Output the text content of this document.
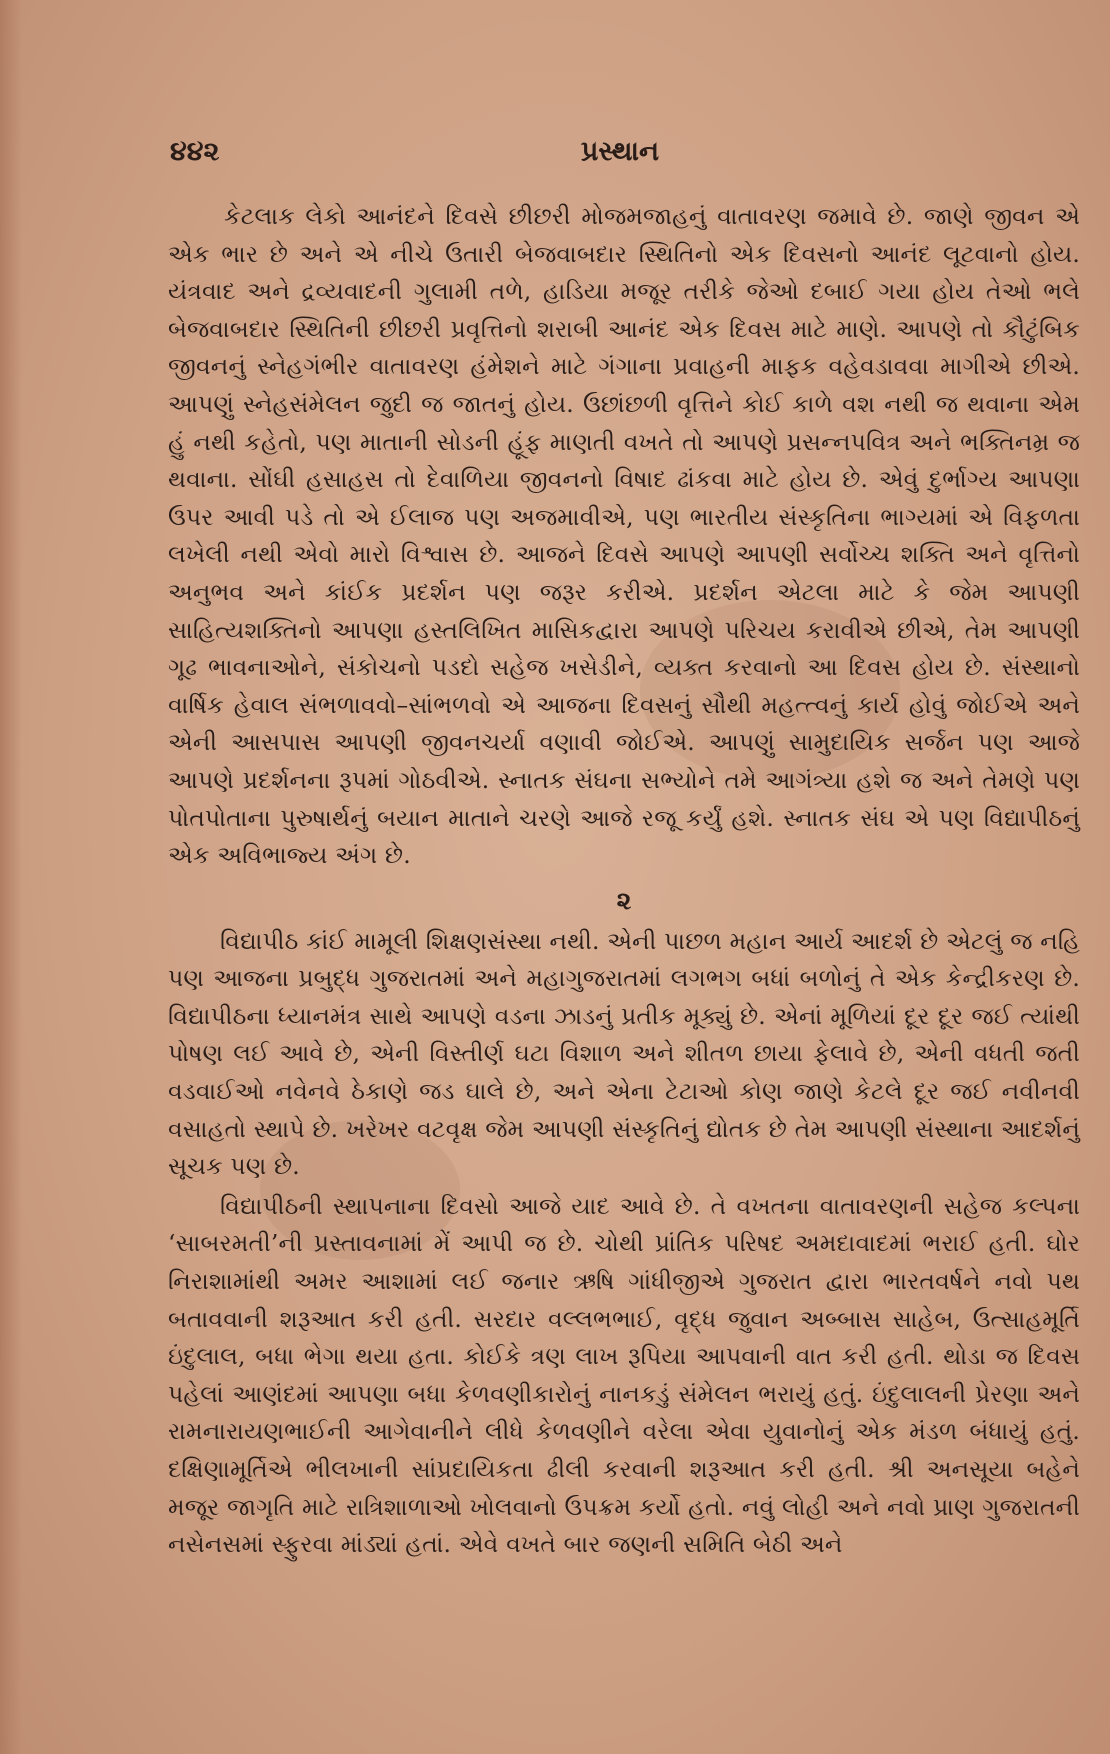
૪૪૨	પ્રસ્થાન

કેટલાક લેકો આનંદને દિવસે છીછરી મોજમજાહનું વાતાવરણ જમાવે છે. જાણે જીવન એ એક ભાર છે અને એ નીચે ઉતારી બેજવાબદાર સ્થિતિનો એક દિવસનો આનંદ લૂટવાનો હોય. યંત્રવાદ અને દ્રવ્યવાદની ગુલામી તળે, હાડિયા મજૂર તરીકે જેઓ દબાઈ ગયા હોય તેઓ ભલે બેજવાબદાર સ્થિતિની છીછરી પ્રવૃત્તિનો શરાબી આનંદ એક દિવસ માટે માણે. આપણે તો કૌટુંબિક જીવનનું સ્નેહગંભીર વાતાવરણ હંમેશને માટે ગંગાના પ્રવાહની માફક વહેવડાવવા માગીએ છીએ. આપણું સ્નેહસંમેલન જુદી જ જાતનું હોય. ઉછાંછળી વૃત્તિને કોઈ કાળે વશ નથી જ થવાના એમ હું નથી કહેતો, પણ માતાની સોડની હૂંફ માણતી વખતે તો આપણે પ્રસન્નપવિત્ર અને ભક્તિનમ્ર જ થવાના. સોંઘી હસાહસ તો દેવાળિયા જીવનનો વિષાદ ઢાંકવા માટે હોય છે. એવું દુર્ભાગ્ય આપણા ઉપર આવી પડે તો એ ઈલાજ પણ અજમાવીએ, પણ ભારતીય સંસ્કૃતિના ભાગ્યમાં એ વિફળતા લખેલી નથી એવો મારો વિશ્વાસ છે. આજને દિવસે આપણે આપણી સર્વોચ્ચ શક્તિ અને વૃત્તિનો અનુભવ અને કાંઈક પ્રદર્શન પણ જરૂર કરીએ. પ્રદર્શન એટલા માટે કે જેમ આપણી સાહિત્યશક્તિનો આપણા હસ્તલિખિત માસિકદ્વારા આપણે પરિચય કરાવીએ છીએ, તેમ આપણી ગૂઢ ભાવનાઓને, સંકોચનો પડદો સહેજ ખસેડીને, વ્યક્ત કરવાનો આ દિવસ હોય છે. સંસ્થાનો વાર્ષિક હેવાલ સંભળાવવો–સાંભળવો એ આજના દિવસનું સૌથી મહત્ત્વનું કાર્ય હોવું જોઈએ અને એની આસપાસ આપણી જીવનચર્યા વણાવી જોઈએ. આપણું સામુદાયિક સર્જન પણ આજે આપણે પ્રદર્શનના રૂપમાં ગોઠવીએ. સ્નાતક સંઘના સભ્યોને તમે આગંત્ર્યા હશે જ અને તેમણે પણ પોતપોતાના પુરુષાર્થનું બયાન માતાને ચરણે આજે રજૂ કર્યું હશે. સ્નાતક સંઘ એ પણ વિદ્યાપીઠનું એક અવિભાજ્ય અંગ છે.

૨

વિદ્યાપીઠ કાંઈ મામૂલી શિક્ષણસંસ્થા નથી. એની પાછળ મહાન આર્ય આદર્શ છે એટલું જ નહિ પણ આજના પ્રબુદ્ધ ગુજરાતમાં અને મહાગુજરાતમાં લગભગ બધાં બળોનું તે એક કેન્દ્રીકરણ છે. વિદ્યાપીઠના ધ્યાનમંત્ર સાથે આપણે વડના ઝાડનું પ્રતીક મૂક્યું છે. એનાં મૂળિયાં દૂર દૂર જઈ ત્યાંથી પોષણ લઈ આવે છે, એની વિસ્તીર્ણ ઘટા વિશાળ અને શીતળ છાયા ફેલાવે છે, એની વધતી જતી વડવાઈઓ નવેનવે ઠેકાણે જડ ઘાલે છે, અને એના ટેટાઓ કોણ જાણે કેટલે દૂર જઈ નવીનવી વસાહતો સ્થાપે છે. ખરેખર વટવૃક્ષ જેમ આપણી સંસ્કૃતિનું દ્યોતક છે તેમ આપણી સંસ્થાના આદર્શનું સૂચક પણ છે.

વિદ્યાપીઠની સ્થાપનાના દિવસો આજે યાદ આવે છે. તે વખતના વાતાવરણની સહેજ કલ્પના ‘સાબરમતી’ની પ્રસ્તાવનામાં મેં આપી જ છે. ચોથી પ્રાંતિક પરિષદ અમદાવાદમાં ભરાઈ હતી. ઘોર નિરાશામાંથી અમર આશામાં લઈ જનાર ઋષિ ગાંધીજીએ ગુજરાત દ્વારા ભારતવર્ષને નવો પથ બતાવવાની શરૂઆત કરી હતી. સરદાર વલ્લભભાઈ, વૃદ્ધ જુવાન અબ્બાસ સાહેબ, ઉત્સાહમૂર્તિ ઇંદુલાલ, બધા ભેગા થયા હતા. કોઈકે ત્રણ લાખ રૂપિયા આપવાની વાત કરી હતી. થોડા જ દિવસ પહેલાં આણંદમાં આપણા બધા કેળવણીકારોનું નાનકડું સંમેલન ભરાયું હતું. ઇંદુલાલની પ્રેરણા અને રામનારાયણભાઈની આગેવાનીને લીધે કેળવણીને વરેલા એવા યુવાનોનું એક મંડળ બંધાયું હતું. દક્ષિણામૂર્તિએ ભીલખાની સાંપ્રદાયિકતા ઢીલી કરવાની શરૂઆત કરી હતી. શ્રી અનસૂયા બહેને મજૂર જાગૃતિ માટે રાત્રિશાળાઓ ખોલવાનો ઉપક્રમ કર્યો હતો. નવું લોહી અને નવો પ્રાણ ગુજરાતની નસેનસમાં સ્ફુરવા માંડ્યાં હતાં. એવે વખતે બાર જણની સમિતિ બેઠી અને
